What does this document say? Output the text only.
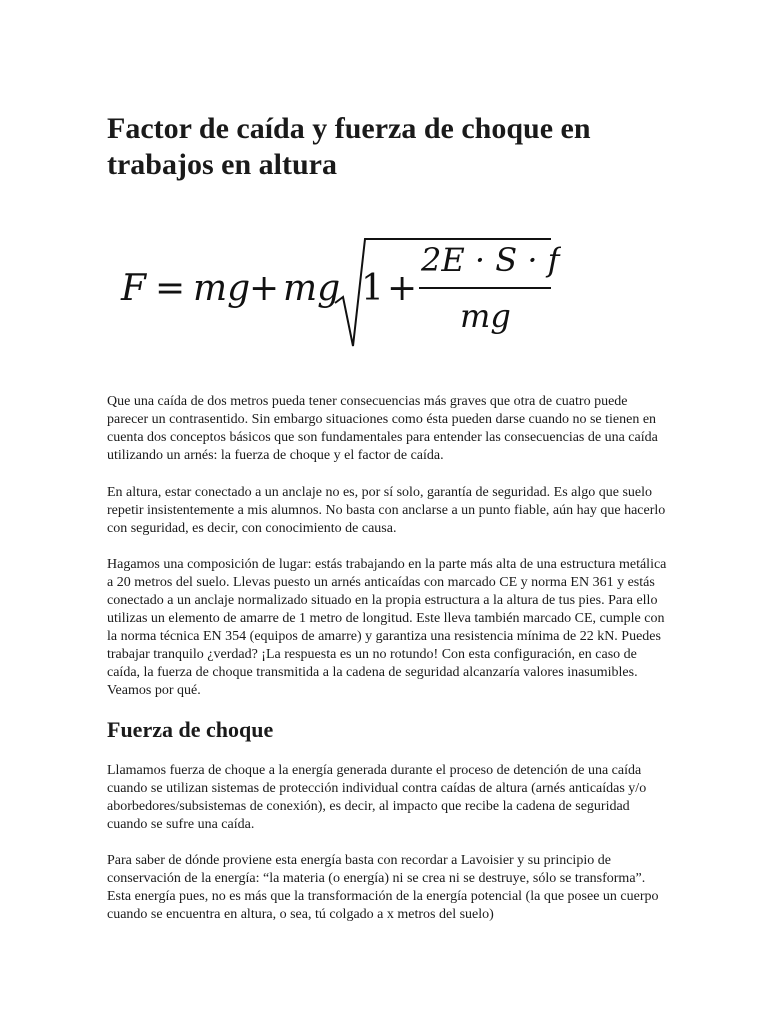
Factor de caída y fuerza de choque en trabajos en altura
F = mg
+ mg 1 +
2E · S · f
mg

Que una caída de dos metros pueda tener consecuencias más graves que otra de cuatro puede parecer un contrasentido. Sin embargo situaciones como ésta pueden darse cuando no se tienen en cuenta dos conceptos básicos que son fundamentales para entender las consecuencias de una caída utilizando un arnés: la fuerza de choque y el factor de caída.

En altura, estar conectado a un anclaje no es, por sí solo, garantía de seguridad. Es algo que suelo repetir insistentemente a mis alumnos. No basta con anclarse a un punto fiable, aún hay que hacerlo con seguridad, es decir, con conocimiento de causa.

Hagamos una composición de lugar: estás trabajando en la parte más alta de una estructura metálica a 20 metros del suelo. Llevas puesto un arnés anticaídas con marcado CE y norma EN 361 y estás conectado a un anclaje normalizado situado en la propia estructura a la altura de tus pies. Para ello utilizas un elemento de amarre de 1 metro de longitud. Este lleva también marcado CE, cumple con la norma técnica EN 354 (equipos de amarre) y garantiza una resistencia mínima de 22 kN. Puedes trabajar tranquilo ¿verdad? ¡La respuesta es un no rotundo! Con esta configuración, en caso de caída, la fuerza de choque transmitida a la cadena de seguridad alcanzaría valores inasumibles. Veamos por qué.

Fuerza de choque

Llamamos fuerza de choque a la energía generada durante el proceso de detención de una caída cuando se utilizan sistemas de protección individual contra caídas de altura (arnés anticaídas y/o aborbedores/subsistemas de conexión), es decir, al impacto que recibe la cadena de seguridad cuando se sufre una caída.

Para saber de dónde proviene esta energía basta con recordar a Lavoisier y su principio de conservación de la energía: “la materia (o energía) ni se crea ni se destruye, sólo se transforma”. Esta energía pues, no es más que la transformación de la energía potencial (la que posee un cuerpo cuando se encuentra en altura, o sea, tú colgado a x metros del suelo)
